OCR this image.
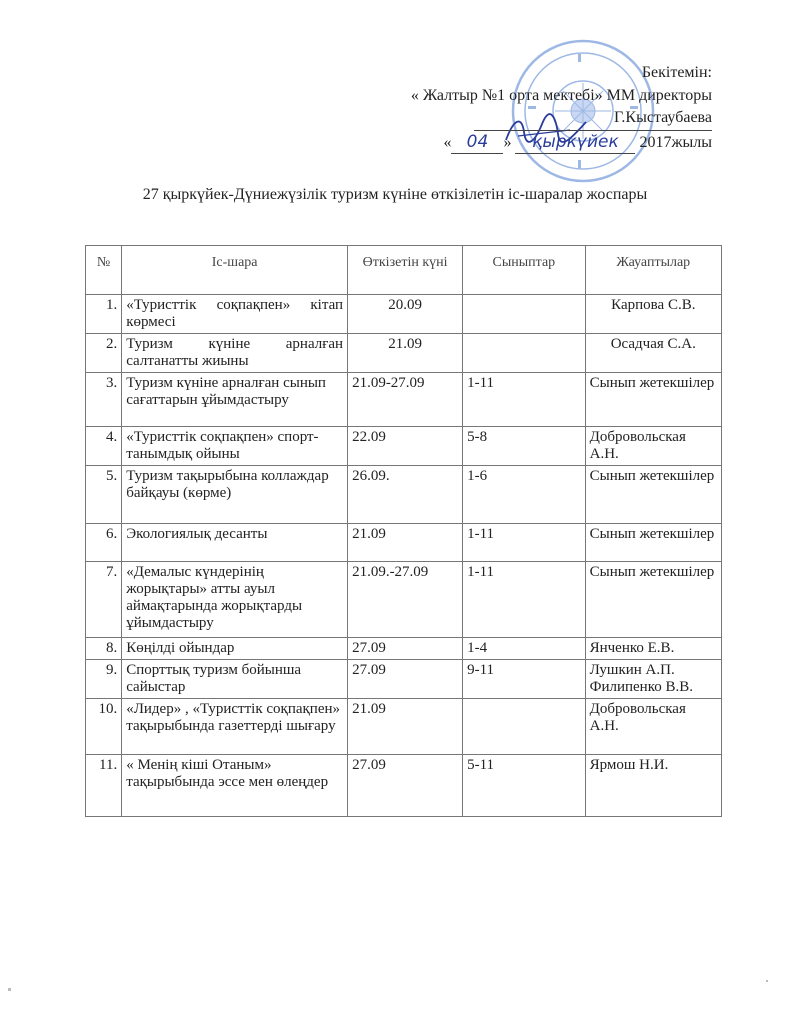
Бекітемін:
« Жалтыр №1 орта мектебі» ММ директоры
Г.Кыстаубаева
« 04 » қыркүйек 2017жылы
27 қыркүйек-Дүниежүзілік туризм күніне өткізілетін іс-шаралар жоспары
№	Іс-шара	Өткізетін күні	Сыныптар	Жауаптылар
1.	«Туристтік соқпақпен» кітап көрмесі	20.09		Карпова С.В.
2.	Туризм күніне арналған салтанатты жиыны	21.09		Осадчая С.А.
3.	Туризм күніне арналған сынып сағаттарын ұйымдастыру	21.09-27.09	1-11	Сынып жетекшілер
4.	«Туристтік соқпақпен» спорт-танымдық ойыны	22.09	5-8	Добровольская А.Н.
5.	Туризм тақырыбына коллаждар байқауы (көрме)	26.09.	1-6	Сынып жетекшілер
6.	Экологиялық десанты	21.09	1-11	Сынып жетекшілер
7.	«Демалыс күндерінің жорықтары» атты ауыл аймақтарында жорықтарды ұйымдастыру	21.09.-27.09	1-11	Сынып жетекшілер
8.	Көңілді ойындар	27.09	1-4	Янченко Е.В.
9.	Спорттық туризм бойынша сайыстар	27.09	9-11	Лушкин А.П. Филипенко В.В.
10.	«Лидер» , «Туристтік соқпақпен» тақырыбында газеттерді шығару	21.09		Добровольская А.Н.
11.	« Менің кіші Отаным» тақырыбында эссе мен өлеңдер	27.09	5-11	Ярмош Н.И.
